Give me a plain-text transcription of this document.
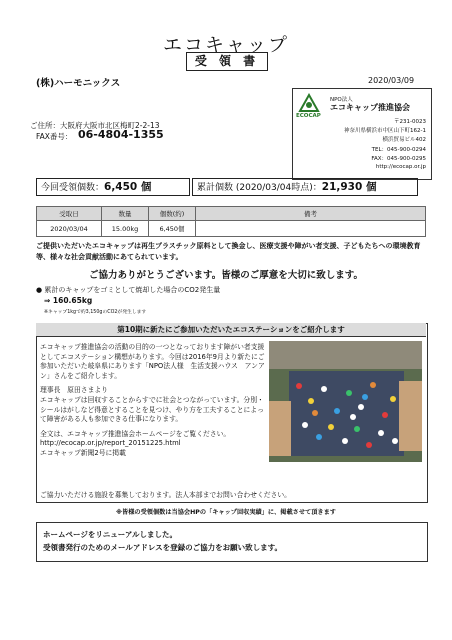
エコキャップ
受 領 書
(株)ハーモニックス	2020/03/09
ECOCAP
NPO法人
エコキャップ推進協会
〒231-0023
神奈川県横浜市中区山下町162-1
横浜貿易ビル402
TEL：045-900-0294
FAX：045-900-0295
http://ecocap.or.jp
ご住所：大阪府大阪市北区梅町2-2-13
FAX番号： 06-4804-1355
今回受領個数：6,450 個	累計個数 (2020/03/04時点)：21,930 個
受取日	数量	個数(約)	備考
2020/03/04	15.00kg	6,450個	
ご提供いただいたエコキャップは再生プラスチック原料として換金し、医療支援や障がい者支援、子どもたちへの環境教育等、様々な社会貢献活動にあてられています。
ご協力ありがとうございます。皆様のご厚意を大切に致します。
● 累計のキャップをゴミとして焼却した場合のCO2発生量
⇒ 160.65kg
※キャップ1kgで約3,150gのCO2が発生します
第10期に新たにご参加いただいたエコステーションをご紹介します
エコキャップ推進協会の活動の目的の一つとなっております障がい者支援としてエコステーション構想があります。今回は2016年9月より新たにご参加いただいた岐阜県にあります「NPO法人様　生活支援ハウス　アンアン」さんをご紹介します。
理事長　原田さまより
エコキャップは回収することからすでに社会とつながっています。分別・シールはがしなど得意とすることを見つけ、やり方を工夫することによって障害がある人も参加できる仕事になります。
全文は、エコキャップ推進協会ホームページをご覧ください。
http://ecocap.or.jp/report_20151225.html
エコキャップ新聞2号に掲載
ご協力いただける施設を募集しております。法人本部までお問い合わせください。
※皆様の受領個数は当協会HPの「キャップ回収実績」に、掲載させて頂きます

ホームページをリニューアルしました。

受領書発行のためのメールアドレスを登録のご協力をお願い致します。
